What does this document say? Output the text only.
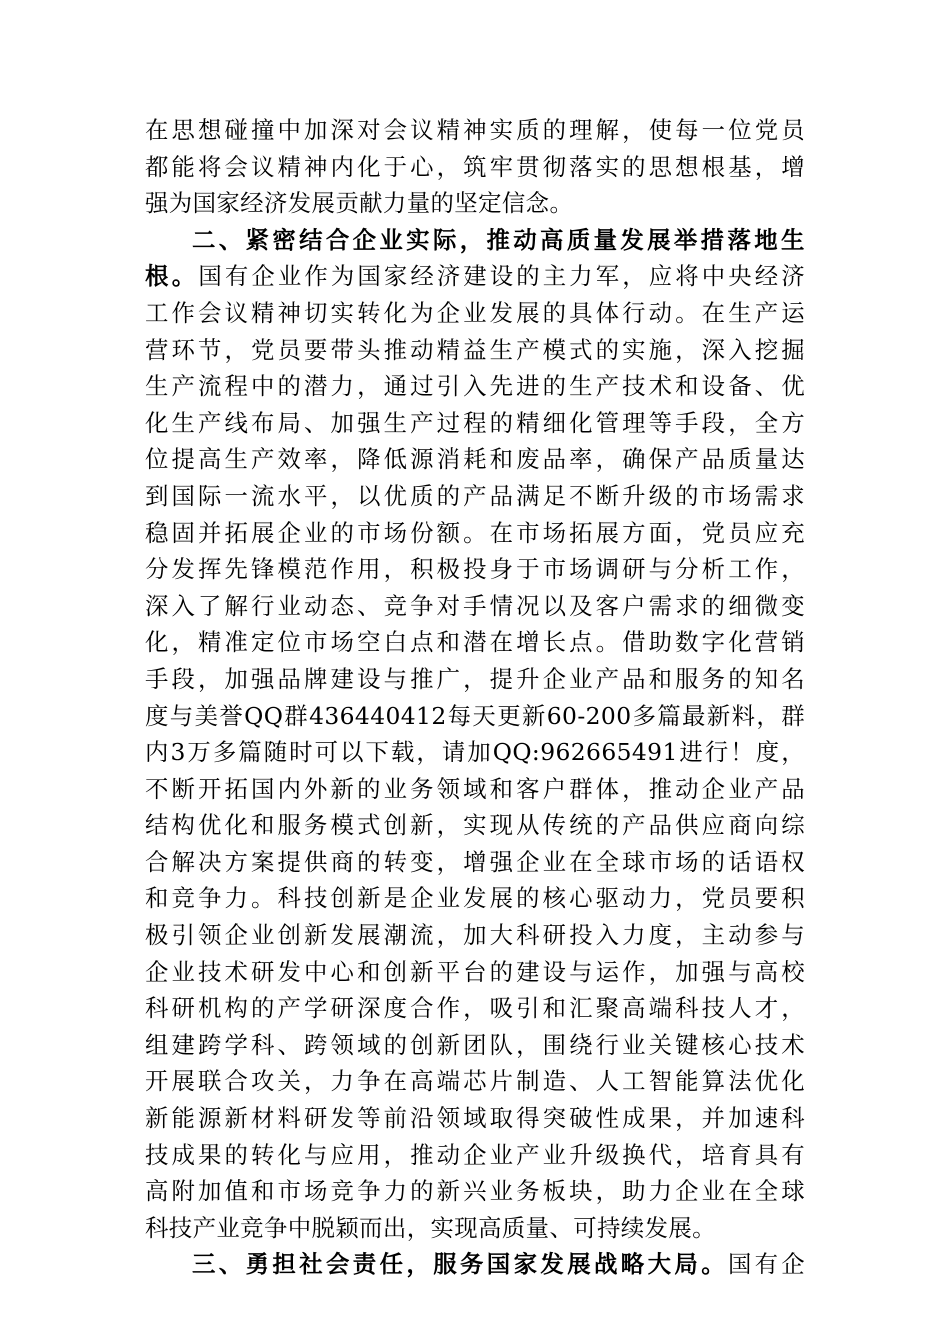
在思想碰撞中加深对会议精神实质的理解，使每一位党员
都能将会议精神内化于心，筑牢贯彻落实的思想根基，增
强为国家经济发展贡献力量的坚定信念。
二、紧密结合企业实际，推动高质量发展举措落地生
根。国有企业作为国家经济建设的主力军，应将中央经济
工作会议精神切实转化为企业发展的具体行动。在生产运
营环节，党员要带头推动精益生产模式的实施，深入挖掘
生产流程中的潜力，通过引入先进的生产技术和设备、优
化生产线布局、加强生产过程的精细化管理等手段，全方
位提高生产效率，降低源消耗和废品率，确保产品质量达
到国际一流水平，以优质的产品满足不断升级的市场需求
稳固并拓展企业的市场份额。在市场拓展方面，党员应充
分发挥先锋模范作用，积极投身于市场调研与分析工作，
深入了解行业动态、竞争对手情况以及客户需求的细微变
化，精准定位市场空白点和潜在增长点。借助数字化营销
手段，加强品牌建设与推广，提升企业产品和服务的知名
度与美誉QQ群436440412每天更新60-200多篇最新料，群
内3万多篇随时可以下载，请加QQ:962665491进行！度，
不断开拓国内外新的业务领域和客户群体，推动企业产品
结构优化和服务模式创新，实现从传统的产品供应商向综
合解决方案提供商的转变，增强企业在全球市场的话语权
和竞争力。科技创新是企业发展的核心驱动力，党员要积
极引领企业创新发展潮流，加大科研投入力度，主动参与
企业技术研发中心和创新平台的建设与运作，加强与高校
科研机构的产学研深度合作，吸引和汇聚高端科技人才，
组建跨学科、跨领域的创新团队，围绕行业关键核心技术
开展联合攻关，力争在高端芯片制造、人工智能算法优化
新能源新材料研发等前沿领域取得突破性成果，并加速科
技成果的转化与应用，推动企业产业升级换代，培育具有
高附加值和市场竞争力的新兴业务板块，助力企业在全球
科技产业竞争中脱颖而出，实现高质量、可持续发展。
三、勇担社会责任，服务国家发展战略大局。国有企
